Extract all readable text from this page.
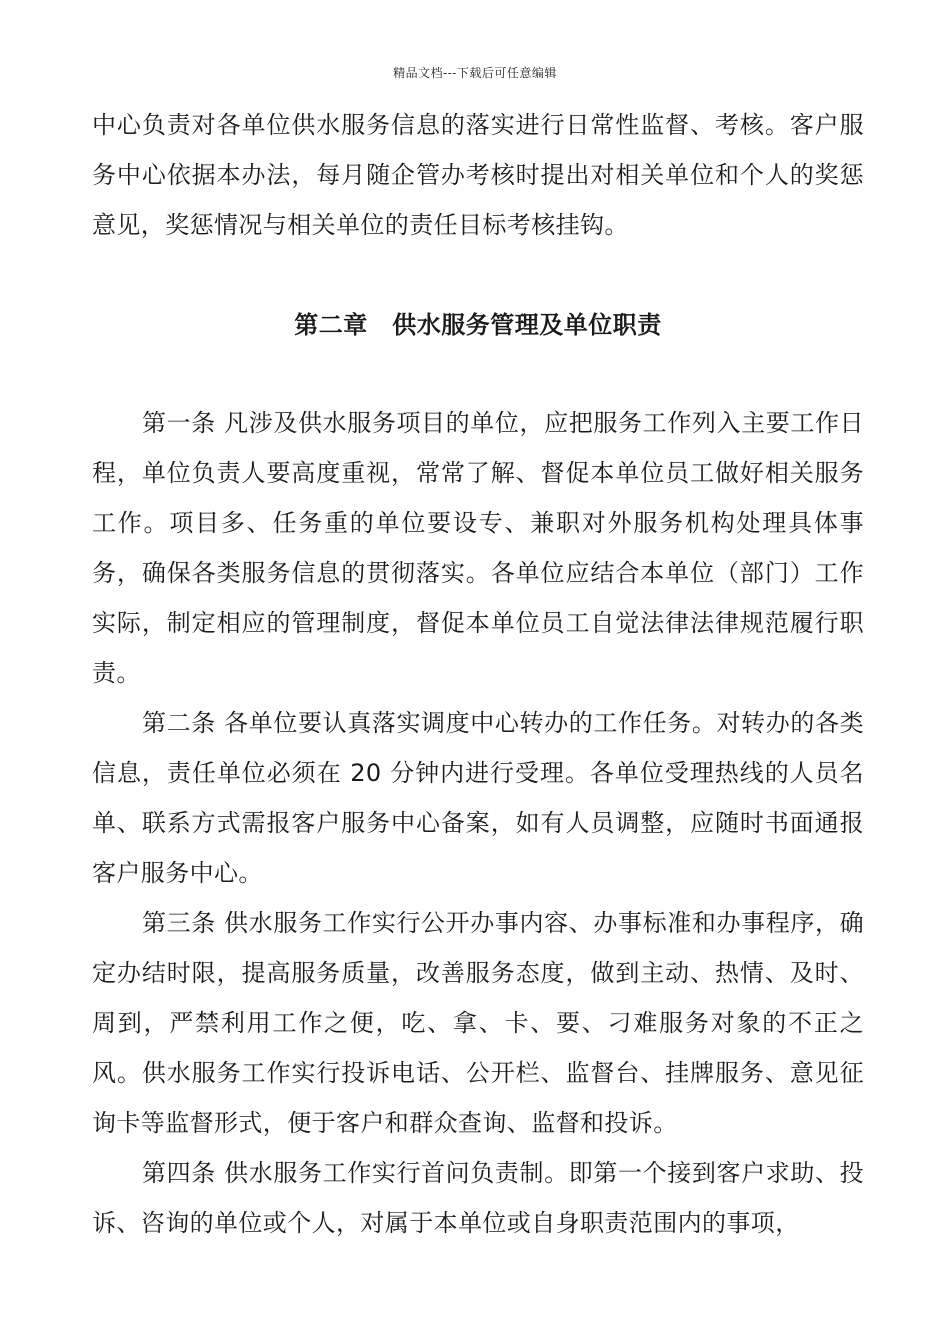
精品文档---下载后可任意编辑

中心负责对各单位供水服务信息的落实进行日常性监督、考核。客户服务中心依据本办法，每月随企管办考核时提出对相关单位和个人的奖惩意见，奖惩情况与相关单位的责任目标考核挂钩。

第二章　供水服务管理及单位职责

第一条 凡涉及供水服务项目的单位，应把服务工作列入主要工作日程，单位负责人要高度重视，常常了解、督促本单位员工做好相关服务工作。项目多、任务重的单位要设专、兼职对外服务机构处理具体事务，确保各类服务信息的贯彻落实。各单位应结合本单位（部门）工作实际，制定相应的管理制度，督促本单位员工自觉法律法律规范履行职责。

第二条 各单位要认真落实调度中心转办的工作任务。对转办的各类信息，责任单位必须在 20 分钟内进行受理。各单位受理热线的人员名单、联系方式需报客户服务中心备案，如有人员调整，应随时书面通报客户服务中心。

第三条 供水服务工作实行公开办事内容、办事标准和办事程序，确定办结时限，提高服务质量，改善服务态度，做到主动、热情、及时、周到，严禁利用工作之便，吃、拿、卡、要、刁难服务对象的不正之风。供水服务工作实行投诉电话、公开栏、监督台、挂牌服务、意见征询卡等监督形式，便于客户和群众查询、监督和投诉。

第四条 供水服务工作实行首问负责制。即第一个接到客户求助、投诉、咨询的单位或个人，对属于本单位或自身职责范围内的事项，
